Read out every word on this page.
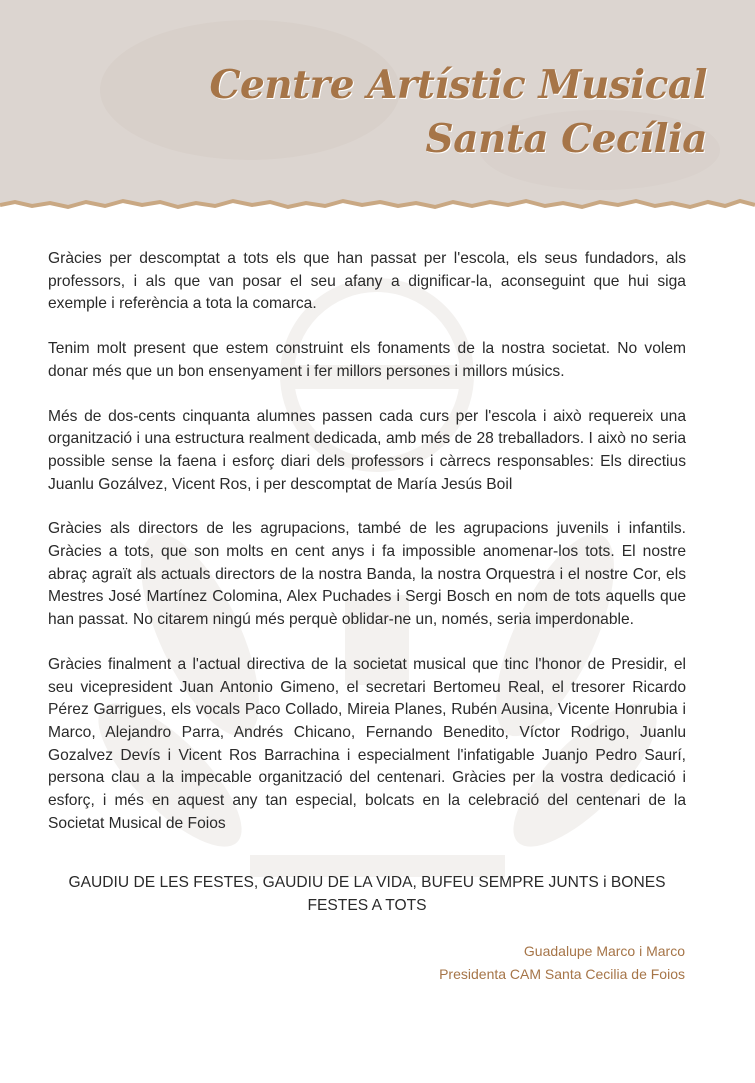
Centre Artístic Musical
Santa Cecília

Gràcies per descomptat a tots els que han passat per l'escola, els seus fundadors, als professors, i als que van posar el seu afany a dignificar-la, aconseguint que hui siga exemple i referència a tota la comarca.

Tenim molt present que estem construint els fonaments de la nostra societat. No volem donar més que un bon ensenyament i fer millors persones i millors músics.

Més de dos-cents cinquanta alumnes passen cada curs per l'escola i això requereix una organització i una estructura realment dedicada, amb més de 28 treballadors. I això no seria possible sense la faena i esforç diari dels professors i càrrecs responsables: Els directius Juanlu Gozálvez, Vicent Ros, i per descomptat de María Jesús Boil

Gràcies als directors de les agrupacions, també de les agrupacions juvenils i infantils. Gràcies a tots, que son molts en cent anys i fa impossible anomenar-los tots. El nostre abraç agraït als actuals directors de la nostra Banda, la nostra Orquestra i el nostre Cor, els Mestres José Martínez Colomina, Alex Puchades i Sergi Bosch en nom de tots aquells que han passat. No citarem ningú més perquè oblidar-ne un, només, seria imperdonable.

Gràcies finalment a l'actual directiva de la societat musical que tinc l'honor de Presidir, el seu vicepresident Juan Antonio Gimeno, el secretari Bertomeu Real, el tresorer Ricardo Pérez Garrigues, els vocals Paco Collado, Mireia Planes, Rubén Ausina, Vicente Honrubia i Marco, Alejandro Parra, Andrés Chicano, Fernando Benedito, Víctor Rodrigo, Juanlu Gozalvez Devís i Vicent Ros Barrachina i especialment l'infatigable Juanjo Pedro Saurí, persona clau a la impecable organització del centenari. Gràcies per la vostra dedicació i esforç, i més en aquest any tan especial, bolcats en la celebració del centenari de la Societat Musical de Foios

GAUDIU DE LES FESTES, GAUDIU DE LA VIDA, BUFEU SEMPRE JUNTS i BONES FESTES A TOTS
Guadalupe Marco i Marco
Presidenta CAM Santa Cecilia de Foios
